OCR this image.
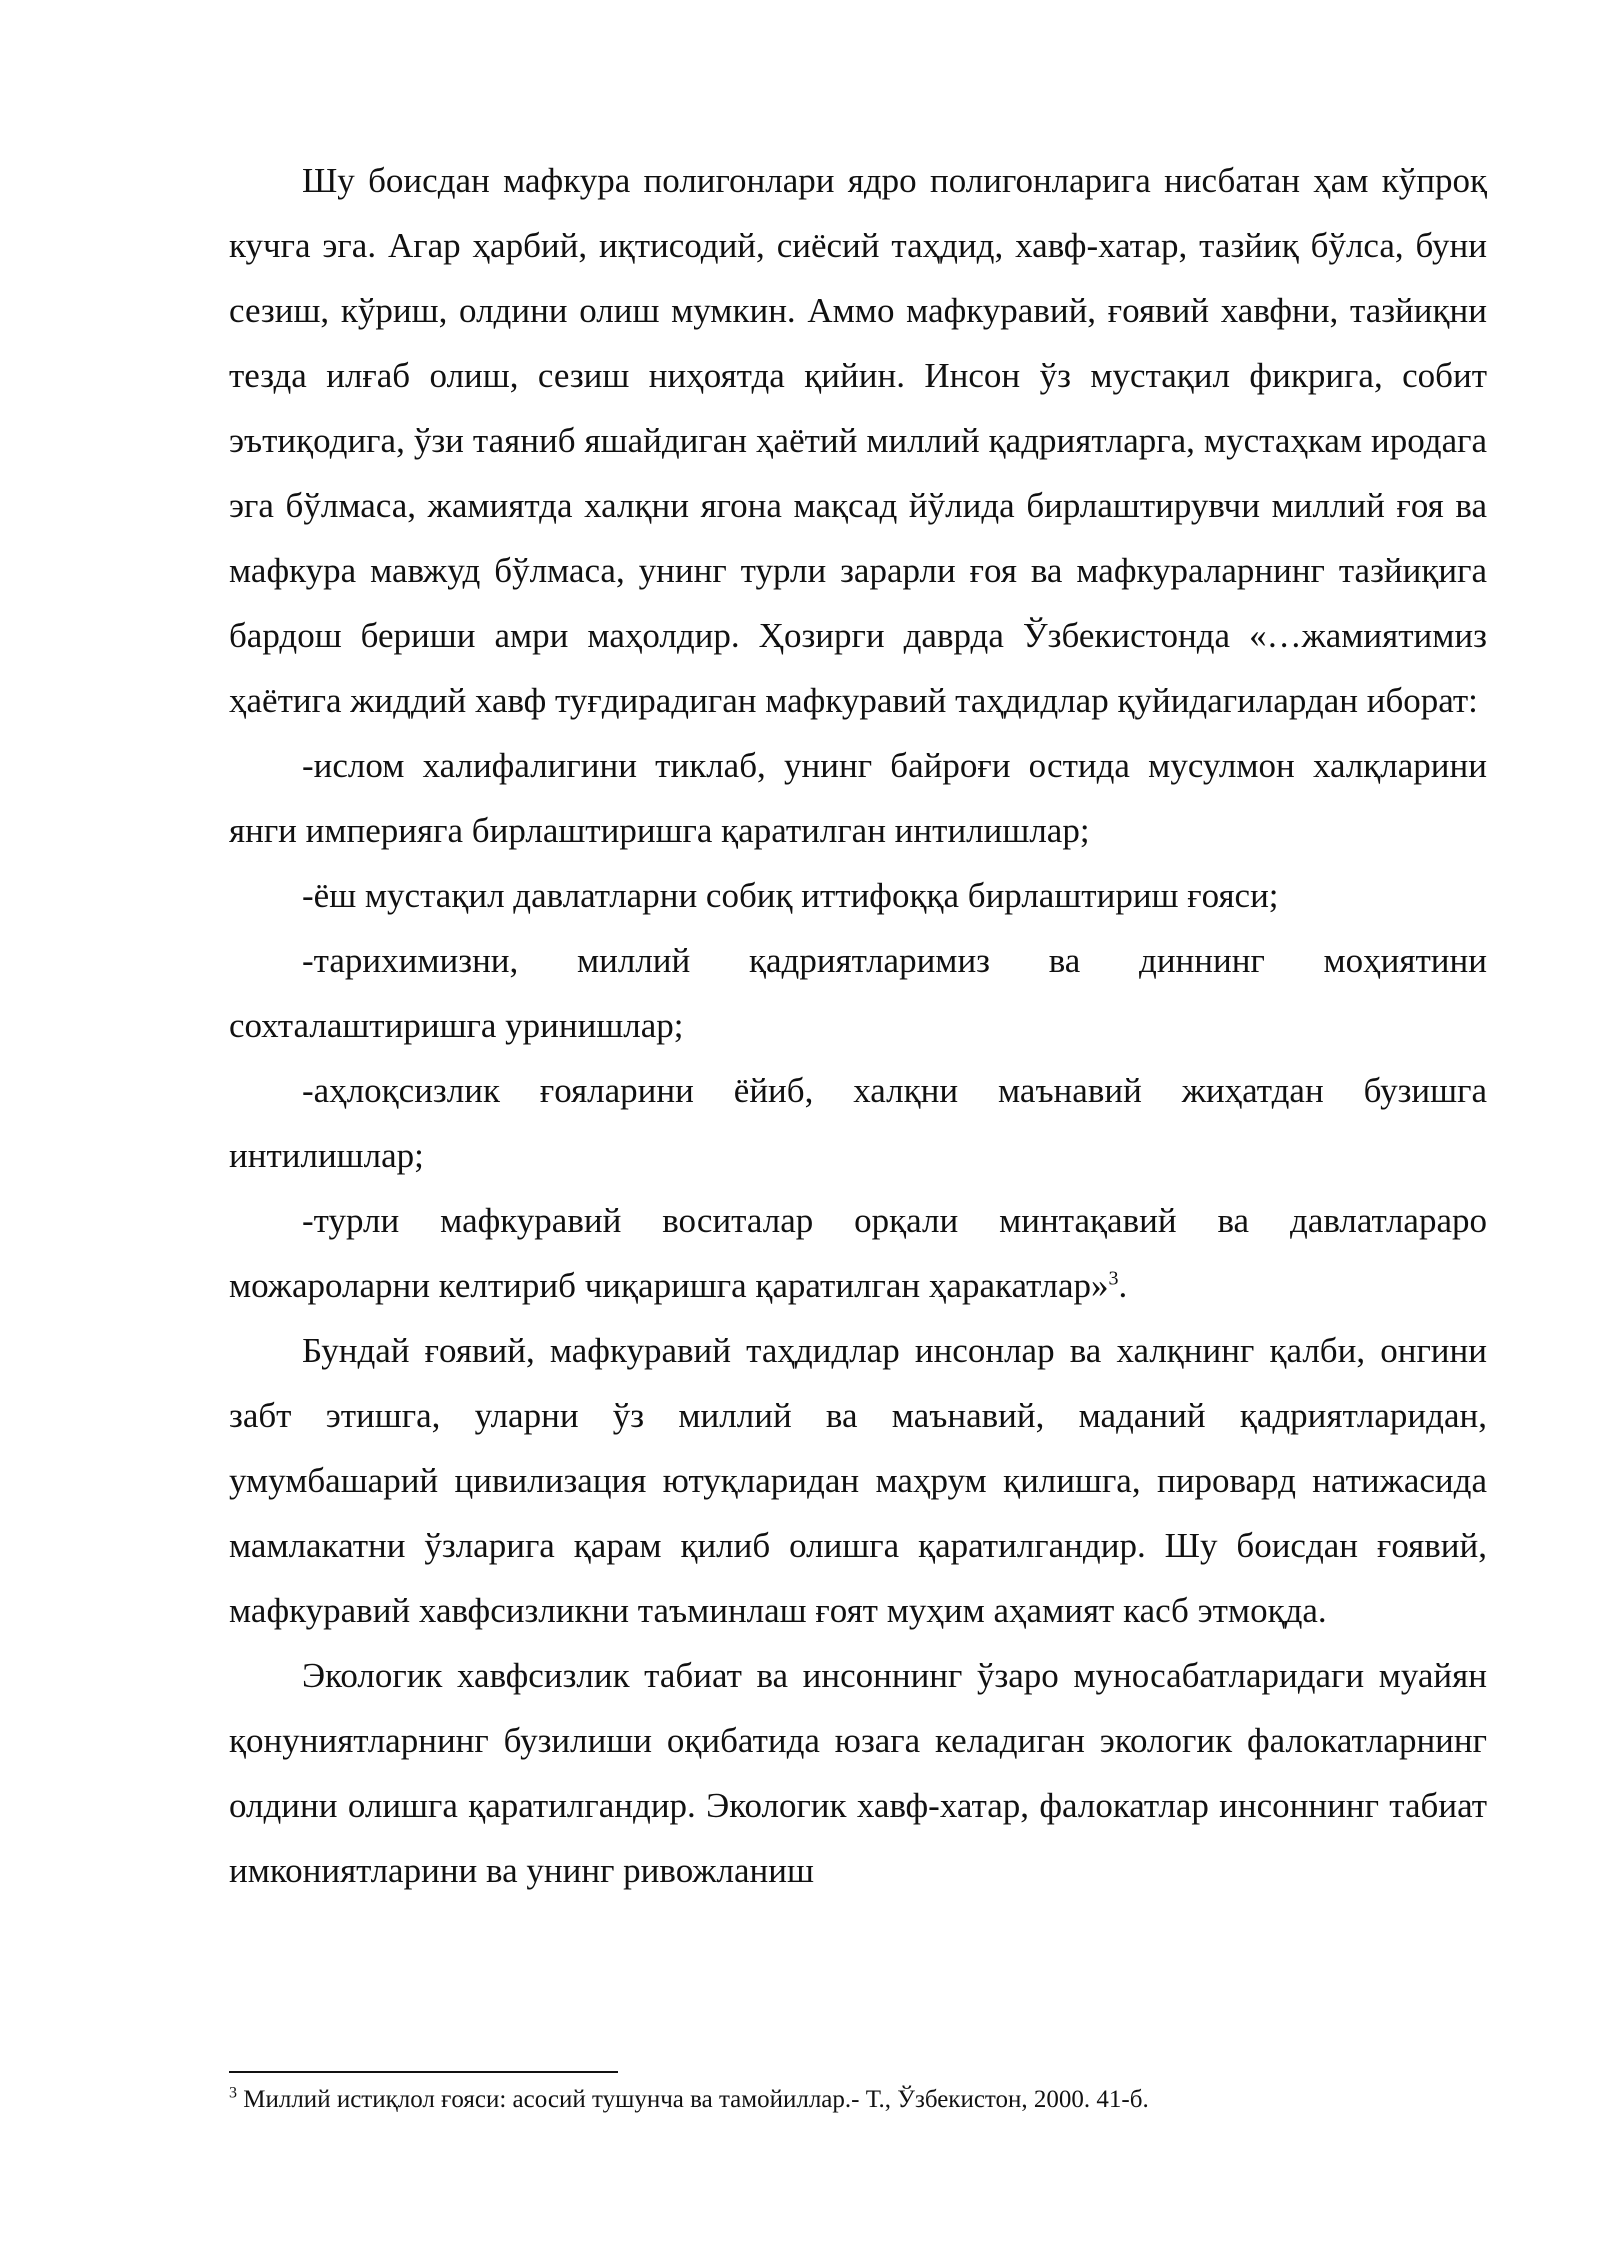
Шу боисдан мафкура полигонлари ядро полигонларига нисбатан ҳам кўпроқ кучга эга. Агар ҳарбий, иқтисодий, сиёсий таҳдид, хавф-хатар, тазйиқ бўлса, буни сезиш, кўриш, олдини олиш мумкин. Аммо мафкуравий, ғоявий хавфни, тазйиқни тезда илғаб олиш, сезиш ниҳоятда қийин. Инсон ўз мустақил фикрига, собит эътиқодига, ўзи таяниб яшайдиган ҳаётий миллий қадриятларга, мустаҳкам иродага эга бўлмаса, жамиятда халқни ягона мақсад йўлида бирлаштирувчи миллий ғоя ва мафкура мавжуд бўлмаса, унинг турли зарарли ғоя ва мафкураларнинг тазйиқига бардош бериши амри маҳолдир. Ҳозирги даврда Ўзбекистонда «…жамиятимиз ҳаётига жиддий хавф туғдирадиган мафкуравий таҳдидлар қуйидагилардан иборат:

-ислом халифалигини тиклаб, унинг байроғи остида мусулмон халқларини янги империяга бирлаштиришга қаратилган интилишлар;

-ёш мустақил давлатларни собиқ иттифоққа бирлаштириш ғояси;

-тарихимизни, миллий қадриятларимиз ва диннинг моҳиятини сохталаштиришга уринишлар;

-аҳлоқсизлик ғояларини ёйиб, халқни маънавий жиҳатдан бузишга интилишлар;

-турли мафкуравий воситалар орқали минтақавий ва давлатлараро можароларни келтириб чиқаришга қаратилган ҳаракатлар»$^3$.

Бундай ғоявий, мафкуравий таҳдидлар инсонлар ва халқнинг қалби, онгини забт этишга, уларни ўз миллий ва маънавий, маданий қадриятларидан, умумбашарий цивилизация ютуқларидан маҳрум қилишга, пировард натижасида мамлакатни ўзларига қарам қилиб олишга қаратилгандир. Шу боисдан ғоявий, мафкуравий хавфсизликни таъминлаш ғоят муҳим аҳамият касб этмоқда.

Экологик хавфсизлик табиат ва инсоннинг ўзаро муносабатларидаги муайян қонуниятларнинг бузилиши оқибатида юзага келадиган экологик фалокатларнинг олдини олишга қаратилгандир. Экологик хавф-хатар, фалокатлар инсоннинг табиат имкониятларини ва унинг ривожланиш

$^3$ Миллий истиқлол ғояси: асосий тушунча ва тамойиллар.- Т., Ўзбекистон, 2000. 41-б.
